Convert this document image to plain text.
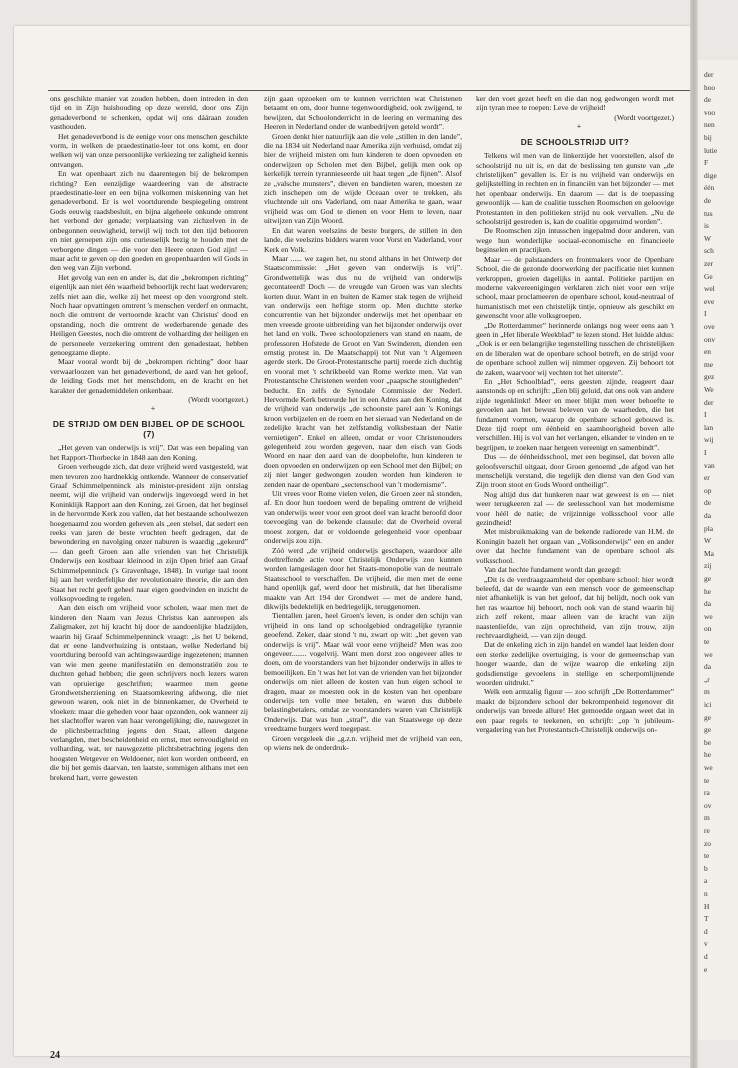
ons geschikte manier vat zouden hebben, doen intreden in den tijd en in Zijn huishouding op deze wereld, door ons Zijn genadeverbond te schenken, opdat wij ons dááraan zouden vasthouden.

Het genadeverbond is de eenige voor ons menschen geschikte vorm, in welken de praedestinatie-leer tot ons komt, en door welken wij van onze persoonlijke verkiezing ter zaligheid kennis ontvangen.

En wat openbaart zich nu daarentegen bij de bekrompen richting? Een eenzijdige waardeering van de abstracte praedestinatie-leer en een bijna volkomen miskenning van het genadeverbond. Er is wel voortdurende bespiegeling omtrent Gods eeuwig raadsbesluit, en bijna algeheele onkunde omtrent het verbond der genade; verplaatsing van zichzelven in de onbegonnen eeuwigheid, terwijl wij toch tot den tijd behooren en niet geroepen zijn ons curieuselijk bezig te houden met de verborgene dingen — die voor den Heere onzen God zijn! — maar acht te geven op den goeden en geopenbaarden wil Gods in den weg van Zijn verbond.

Het gevolg van een en ander is, dat die „bekrompen richting” eigenlijk aan niet één waarheid behoorlijk recht laat wedervaren; zelfs niet aan die, welke zij het meest op den voorgrond stelt. Noch haar opvattingen omtrent 's menschen verderf en onmacht, noch die omtrent de vertoornde kracht van Christus' dood en opstanding, noch die omtrent de wederbarende genade des Heiligen Geestes, noch die omtrent de volharding der heiligen en de personeele verzekering omtrent den genadestaat, hebben genoegzame diepte.

Maar vooral wordt bij de „bekrompen richting” door haar verwaarloozen van het genadeverbond, de aard van het geloof, de leiding Gods met het menschdom, en de kracht en het karakter der genademiddelen onkenbaar.

(Wordt voortgezet.)

+

DE STRIJD OM DEN BIJBEL OP DE SCHOOL (7)

„Het geven van onderwijs is vrij”. Dat was een bepaling van het Rapport-Thorbecke in 1848 aan den Koning.

Groen verheugde zich, dat deze vrijheid werd vastgesteld, wat men tevoren zoo hardnekkig ontkende. Wanneer de conservatief Graaf Schimmelpenninck als minister-president zijn ontslag neemt, wijl die vrijheid van onderwijs ingevoegd werd in het Koninklijk Rapport aan den Koning, zei Groen, dat het beginsel in de hervormde Kerk zou vallen, dat het bestaande schoolwezen hoegenaamd zou worden geheven als „een stelsel, dat sedert een reeks van jaren de beste vruchten heeft gedragen, dat de bewondering en navolging onzer naburen is waardig „gekeurd” — dan geeft Groen aan alle vrienden van het Christelijk Onderwijs een kostbaar kleinood in zijn Open brief aan Graaf Schimmelpenninck ('s Gravenhage, 1848). In vurige taal toont hij aan het verderfelijke der revolutionaire theorie, die aan den Staat het recht geeft geheel naar eigen goedvinden en inzicht de volksopvoeding te regelen.

Aan den eisch om vrijheid voor scholen, waar men met de kinderen den Naam van Jezus Christus kan aanroepen als Zaligmaker, zet hij kracht bij door de aandoenlijke bladzijden, waarin hij Graaf Schimmelpenninck vraagt: „is het U bekend, dat er eene landverhuizing is ontstaan, welke Nederland bij voortduring beroofd van achtingswaardige ingezetenen; mannen van wie men geene manifestatiën en demonstratiën zou te duchten gehad hebben; die geen schrijvers noch lezers waren van opruierige geschriften; waarmee men geene Grondwetsherziening en Staatsomkeering afdwong, die niet gewoon waren, ook niet in de binnenkamer, de Overheid te vloeken: maar die geheden voor haar opzonden, ook wanneer zij het slachtoffer waren van haar verongelijking; die, nauwgezet in de plichtsbetrachting jegens den Staat, alleen datgene verlangden, met bescheidenheid en ernst, met eenvoudigheid en volharding, wat, ter nauwgezette plichtsbetrachting jegens den hoogsten Wetgever en Weldoener, niet kon worden ontbeerd, en die bij het gemis daarvan, ten laatste, sommigen althans met een brekend hart, verre gewesten

zijn gaan opzoeken om te kunnen verrichten wat Christenen betaamt en om, door hunne tegenwoordigheid, ook zwijgend, te bewijzen, dat Schoolonderricht in de leering en vermaning des Heeren in Nederland onder de wanbedrijven geteld wordt”.

Groen denkt hier natuurlijk aan die vele „stillen in den lande”, die na 1834 uit Nederland naar Amerika zijn verhuisd, omdat zij hier de vrijheid misten om hun kinderen te doen opvoeden en onderwijzen op Scholen met den Bijbel, gelijk men ook op kerkelijk terrein tyrannieseerde uit haat tegen „de fijnen”. Alsof ze „valsche munsters”, dieven en bandieten waren, moesten ze zich inschepen om de wijde Oceaan over te trekken, als vluchtende uit ons Vaderland, om naar Amerika te gaan, waar vrijheid was om God te dienen en voor Hem te leven, naar uitwijzen van Zijn Woord.

En dat waren veelszins de beste burgers, de stillen in den lande, die veelszins bidders waren voor Vorst en Vaderland, voor Kerk en Volk.

Maar ...... we zagen het, nu stond althans in het Ontwerp der Staatscommissie: „Het geven van onderwijs is vrij”. Grondwettelijk was dus nu de vrijheid van onderwijs gecontateerd! Doch — de vreugde van Groen was van slechts korten duur. Want in en buiten de Kamer stak tegen de vrijheid van onderwijs een heftige storm op. Men duchtte sterke concurrentie van het bijzonder onderwijs met het openbaar en men vreesde groote uitbreiding van het bijzonder onderwijs over het land en volk. Twee schoolopzieners van stand en naam, de professoren Hofstede de Groot en Van Swinderen, dienden een ernstig protest in. De Maatschappij tot Nut van 't Algemeen agerde sterk. De Groot-Protestantsche partij roerde zich duchtig en vooral met 't schrikbeeld van Rome werkte men. Vat van Protestantsche Christenen werden voor „paapsche stoutigheden” beducht. En zelfs de Synodale Commissie der Nederl. Hervormde Kerk betreurde het in een Adres aan den Koning, dat de vrijheid van onderwijs „de schoonste parel aan 's Konings kroon verbijzelen en de roem en het sieraad van Nederland en de zedelijke kracht van het zelfstandig volksbestaan der Natie vernietigen”. Enkel en alleen, omdat er voor Christenouders gelegenheid zou worden gegeven, naar den eisch van Gods Woord en naar den aard van de doopbelofte, hun kinderen te doen opvoeden en onderwijzen op een School met den Bijbel; en zij niet langer gedwongen zouden worden hun kinderen te zenden naar de openbare „sectenschool van 't modernisme”.

Uit vrees voor Rome vielen velen, die Groen zeer nå stonden, af. En door hun toedoen werd de bepaling omtrent de vrijheid van onderwijs weer voor een groot deel van kracht beroofd door toevoeging van de bekende clausule: dat de Overheid overal moest zorgen, dat er voldoende gelegenheid voor openbaar onderwijs zou zijn.

Zóó werd „de vrijheid onderwijs geschapen, waardoor alle doeltreffende actie voor Christelijk Onderwijs zoo kunnen worden lamgeslagen door het Staats-monopolie van de neutrale Staatsschool te verschaffen. De vrijheid, die men met de eene hand openlijk gaf, werd door het misbruik, dat het liberalisme maakte van Art 194 der Grondwet — met de andere hand, dikwijls bedektelijk en bedriegelijk, teruggenomen.

Tientallen jaren, heel Groen's leven, is onder den schijn van vrijheid in ons land op schoolgebied ondragelijke tyrannie geoefend. Zeker, daar stond 't nu, zwart op wit: „het geven van onderwijs is vrij”. Maar wál voor eene vrijheid? Men was zoo ongeveer........ vogelvrij. Want men dorst zoo ongeveer alles te doen, om de voorstanders van het bijzonder onderwijs in alles te bemoeilijken. En 't was het lot van de vrienden van het bijzonder onderwijs om niet alleen de kosten van hun eigen school te dragen, maar ze moesten ook in de kosten van het openbare onderwijs ten volle mee betalen, en waren dus dubbele belastingbetalers, omdat ze voorstanders waren van Christelijk Onderwijs. Dat was hun „straf”, die van Staatswege op deze vreedzame burgers werd toegepast.

Groen vergeleek die „g.z.n. vrijheid met de vrijheid van een, op wiens nek de onderdruk-

ker den voet gezet heeft en die dan nog gedwongen wordt met zijn tyran mee te roepen: Leve de vrijheid!

(Wordt voortgezet.)

+

DE SCHOOLSTRIJD UIT?

Telkens wil men van de linkerzijde het voorstellen, alsof de schoolstrijd nu uit is, en dat de beslissing ten gunste van „de christelijken” gevallen is. Er is nu vrijheid van onderwijs en gelijkstelling in rechten en in financiën van het bijzonder — met het openbaar onderwijs. En daarom — dat is de toepassing gewoonlijk — kan de coalitie tusschen Roomschen en geloovige Protestanten in den politieken strijd nu ook vervallen. „Nu de schoolstrijd gestreden is, kan de coalitie opgeruimd worden”.

De Roomschen zijn intusschen ingepalmd door anderen, van wege hun wonderlijke sociaal-economische en financieele beginselen en practijken.

Maar — de palstaanders en frontmakers voor de Openbare School, die de gezonde doorwerking der pacificatie niet kunnen verkroppen, groeien dagelijks in aantal. Politieke partijen en moderne vakvereenigingen verklaren zich niet voor een vrije school, maar proclameeren de openbare school, koud-neutraal of humanistisch met een christelijk tintje, opnieuw als geschikt en gewenscht voor alle volksgroepen.

„De Rotterdammer” herinnerde onlangs nog weer eens aan 't geen in „Het liberale Weekblad” te lezen stond. Het luidde aldus: „Ook is er een belangrijke tegenstelling tusschen de christelijken en de liberalen wat de openbare school betreft, en de strijd voor de openbare school zullen wij nimmer opgeven. Zij behoort tot de zaken, waarvoor wij vechten tot het uiterste”.

En „Het Schoolblad”, eens geesten zijnde, reageert daar aanstonds op en schrijft: „Een blij geluid, dat ons ook van andere zijde tegenklinkt! Meer en meer blijkt men weer behoefte te gevoelen aan het bewust beleven van de waarheden, die het fundament vormen, waarop de openbare school gebouwd is. Deze tijd roept om éénheid en saamhoorigheid boven alle verschillen. Hij is vol van het verlangen, elkander te vinden en te begrijpen, te zoeken naar hetgeen vereenigt en samenbindt”.

Dus — de éénheidsschool, met een beginsel, dat boven alle geloofsverschil uitgaat, door Groen genoemd „de afgod van het menschelijk verstand, die tegelijk den dienst van den God van Zijn troon stoot en Gods Woord ontheiligt”.

Nog altijd dus dat hunkeren naar wat geweest is en — niet weer terugkeeren zal — de seelesschool van het modernisme voor héél de natie; de vrijzinnige volksschool voor alle gezindheid!

Met misbruikmaking van de bekende radiorede van H.M. de Koningin bazelt het orgaan van „Volksonderwijs” een en ander over dat hechte fundament van de openbare school als volksschool.

Van dat hechte fundament wordt dan gezegd:

„Dit is de verdraagzaamheid der openbare school: hier wordt beleefd, dat de waarde van een mensch voor de gemeenschap niet afhankelijk is van het geloof, dat hij belijdt, noch ook van het ras waartoe hij behoort, noch ook van de stand waarin hij zich zelf rekent, maar alleen van de kracht van zijn naastenliefde, van zijn oprechtheid, van zijn trouw, zijn rechtvaardigheid, — van zijn deugd.

Dat de enkeling zich in zijn handel en wandel laat leiden door een sterke zedelijke overtuiging, is voor de gemeenschap van hooger waarde, dan de wijze waarop die enkeling zijn godsdienstige gevoelens in stellige en scherpomlijnende woorden uitdrukt.”

Welk een armzalig figuur — zoo schrijft „De Rotterdammer” maakt de bijzondere school der bekrompenheid tegenover dit onderwijs van breede allure! Het gemoedde orgaan weet dat in een paar regels te teekenen, en schrijft: „op 'n jubileum-vergadering van het Protestantsch-Christelijk onderwijs on-

24
der
hoo
de
voo
nen
bij
lutie
F
dige
één
de
tus
is
W
sch
zer
Ge
wel
eve
I
ove
onv
en
me
gez
We
der
I
lan
wij
I
van
er
op
de
da
pla
W
Ma
zij
ge
he
da
we
on
te
we
da
„r
m
ici
ge
ge
be
he
we
te
ra
ov
m
re
zo
te
b
a
n
H
T
d
v
d
e
